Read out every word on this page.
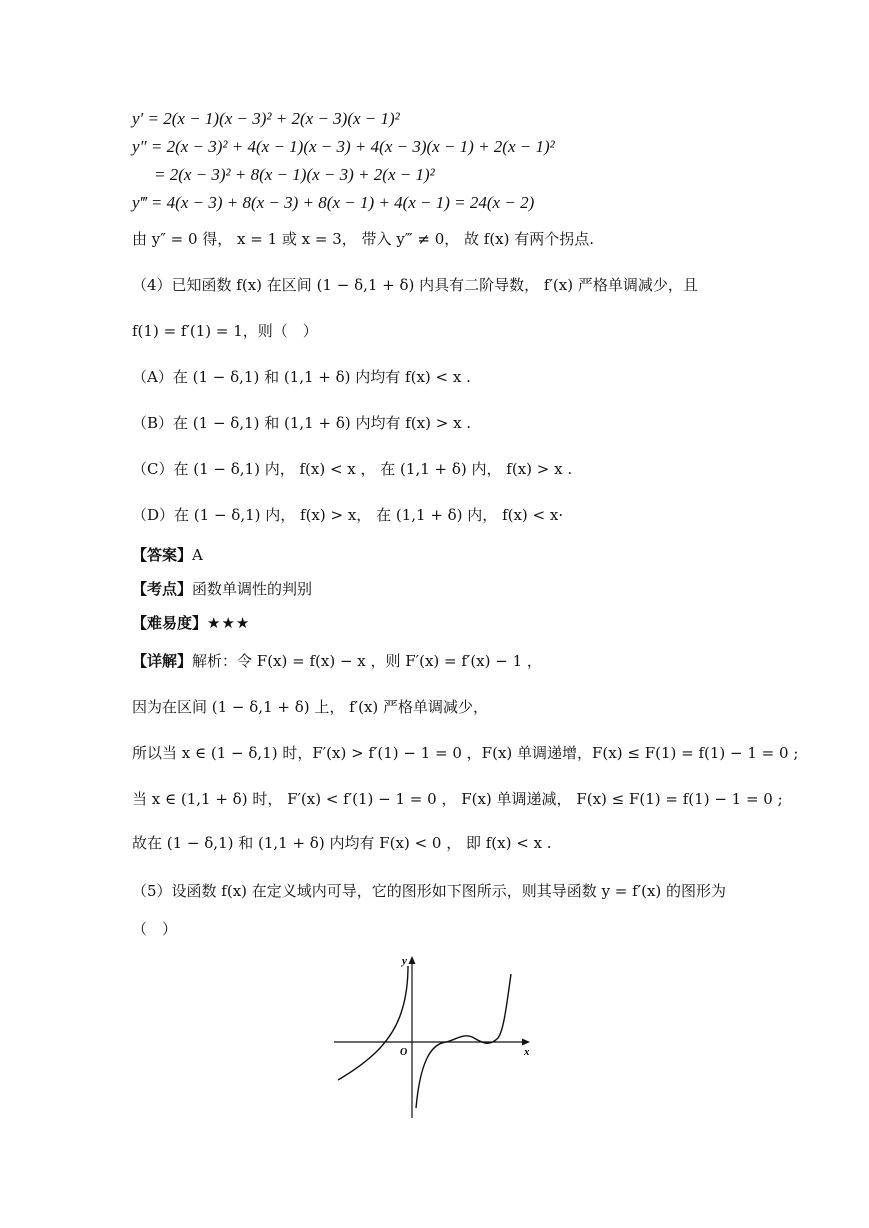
y′ = 2(x − 1)(x − 3)² + 2(x − 3)(x − 1)²
y″ = 2(x − 3)² + 4(x − 1)(x − 3) + 4(x − 3)(x − 1) + 2(x − 1)²
= 2(x − 3)² + 8(x − 1)(x − 3) + 2(x − 1)²
y‴ = 4(x − 3) + 8(x − 3) + 8(x − 1) + 4(x − 1) = 24(x − 2)
由 y″ = 0 得， x = 1 或 x = 3， 带入 y‴ ≠ 0， 故 f(x) 有两个拐点.
（4）已知函数 f(x) 在区间 (1 − δ,1 + δ) 内具有二阶导数， f′(x) 严格单调减少，且
f(1) = f′(1) = 1，则（　）
（A）在 (1 − δ,1) 和 (1,1 + δ) 内均有 f(x) < x .
（B）在 (1 − δ,1) 和 (1,1 + δ) 内均有 f(x) > x .
（C）在 (1 − δ,1) 内， f(x) < x ， 在 (1,1 + δ) 内， f(x) > x .
（D）在 (1 − δ,1) 内， f(x) > x， 在 (1,1 + δ) 内， f(x) < x·
【答案】A
【考点】函数单调性的判别
【难易度】★★★
【详解】解析：令 F(x) = f(x) − x ，则 F′(x) = f′(x) − 1 ，
因为在区间 (1 − δ,1 + δ) 上， f′(x) 严格单调减少，
所以当 x ∈ (1 − δ,1) 时，F′(x) > f′(1) − 1 = 0 ，F(x) 单调递增，F(x) ≤ F(1) = f(1) − 1 = 0 ;
当 x ∈ (1,1 + δ) 时， F′(x) < f′(1) − 1 = 0 ， F(x) 单调递减， F(x) ≤ F(1) = f(1) − 1 = 0 ;
故在 (1 − δ,1) 和 (1,1 + δ) 内均有 F(x) < 0 ， 即 f(x) < x .
（5）设函数 f(x) 在定义域内可导，它的图形如下图所示，则其导函数 y = f′(x) 的图形为
（　）
y
x
O
